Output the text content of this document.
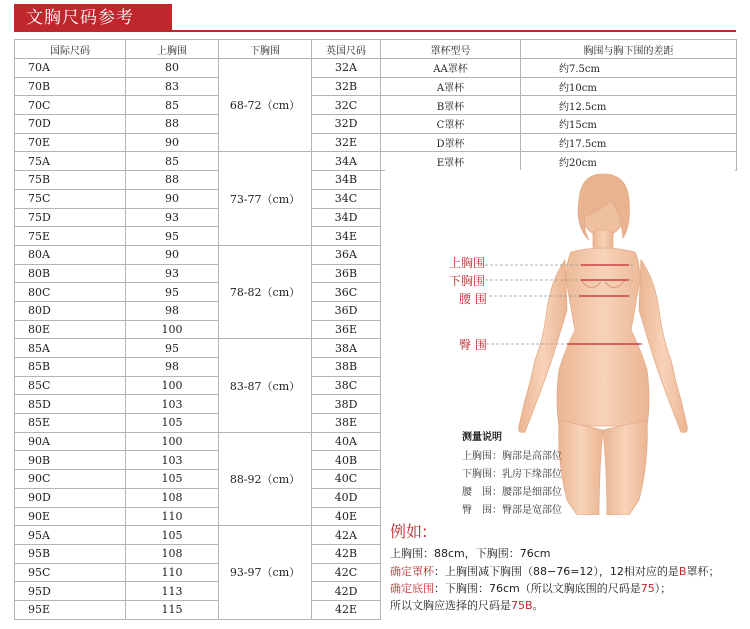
文胸尺码参考
国际尺码	上胸围	下胸围	英国尺码	罩杯型号	胸围与胸下围的差距
70A	80	68-72（cm）	32A	AA罩杯	约7.5cm
70B	83		32B	A罩杯	约10cm
70C	85		32C	B罩杯	约12.5cm
70D	88		32D	C罩杯	约15cm
70E	90		32E	D罩杯	约17.5cm
75A	85	73-77（cm）	34A	E罩杯	约20cm
75B	88		34B		
75C	90		34C		
75D	93		34D		
75E	95		34E		
80A	90	78-82（cm）	36A		
80B	93		36B		
80C	95		36C		
80D	98		36D		
80E	100		36E		
85A	95	83-87（cm）	38A		
85B	98		38B		
85C	100		38C		
85D	103		38D		
85E	105		38E		
90A	100	88-92（cm）	40A		
90B	103		40B		
90C	105		40C		
90D	108		40D		
90E	110		40E		
95A	105	93-97（cm）	42A		
95B	108		42B		
95C	110		42C		
95D	113		42D		
95E	115		42E		
上胸围
下胸围
腰 围
臀 围
测量说明
上胸围：胸部是高部位
下胸围：乳房下缘部位
腰　围：腰部是细部位
臀　围：臀部是宽部位
例如:
上胸围：88cm，下胸围：76cm
确定罩杯：上胸围减下胸围（88−76=12），12相对应的是B罩杯；
确定底围：下胸围：76cm（所以文胸底围的尺码是75）；
所以文胸应选择的尺码是75B。
